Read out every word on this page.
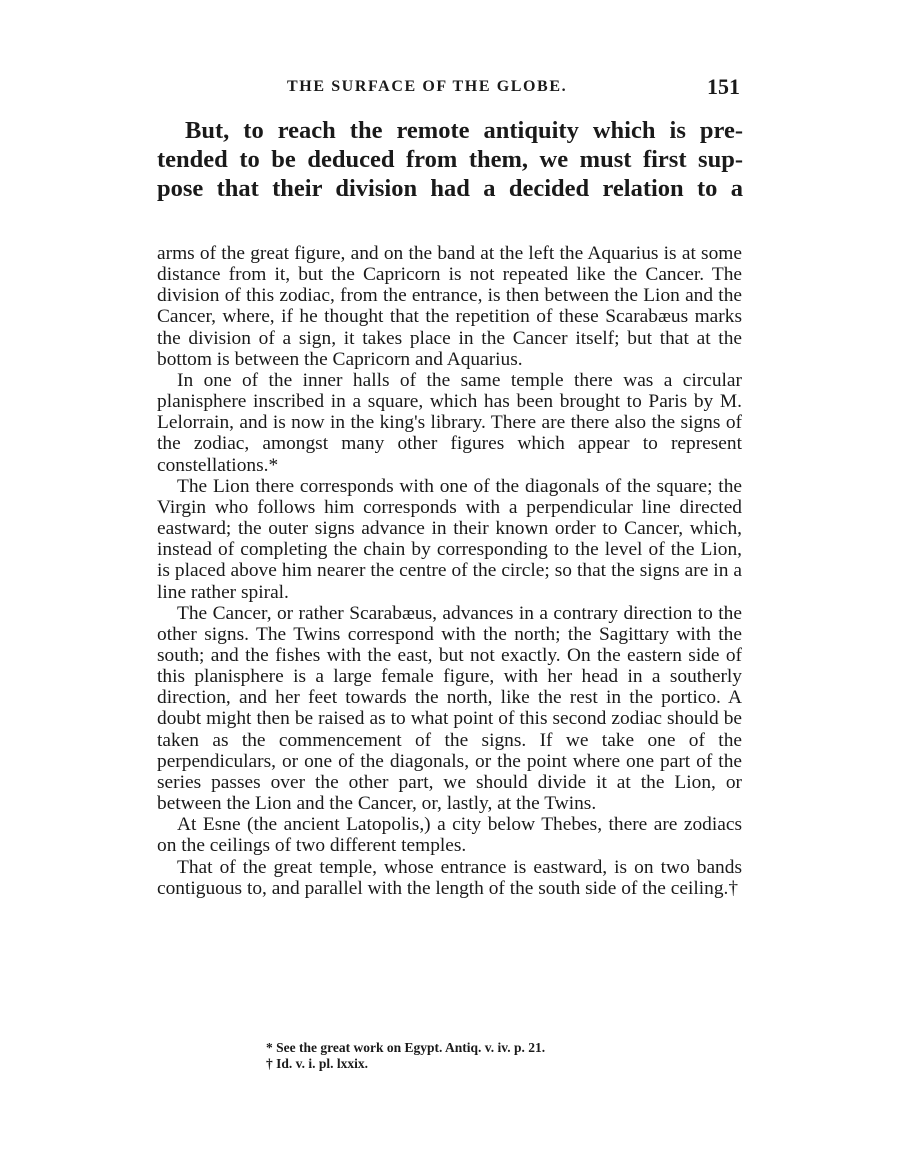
THE SURFACE OF THE GLOBE.	151
But, to reach the remote antiquity which is pre-
tended to be deduced from them, we must first sup-
pose that their division had a decided relation to a

arms of the great figure, and on the band at the left the Aquarius is at some distance from it, but the Capricorn is not repeated like the Cancer. The division of this zodiac, from the entrance, is then between the Lion and the Cancer, where, if he thought that the repetition of these Scarabæus marks the division of a sign, it takes place in the Cancer itself; but that at the bottom is between the Capricorn and Aquarius.

In one of the inner halls of the same temple there was a circular planisphere inscribed in a square, which has been brought to Paris by M. Lelorrain, and is now in the king's library. There are there also the signs of the zodiac, amongst many other figures which appear to represent constellations.*

The Lion there corresponds with one of the diagonals of the square; the Virgin who follows him corresponds with a perpendicular line directed eastward; the outer signs advance in their known order to Cancer, which, instead of completing the chain by corresponding to the level of the Lion, is placed above him nearer the centre of the circle; so that the signs are in a line rather spiral.

The Cancer, or rather Scarabæus, advances in a contrary direction to the other signs. The Twins correspond with the north; the Sagittary with the south; and the fishes with the east, but not exactly. On the eastern side of this planisphere is a large female figure, with her head in a southerly direction, and her feet towards the north, like the rest in the portico. A doubt might then be raised as to what point of this second zodiac should be taken as the commencement of the signs. If we take one of the perpendiculars, or one of the diagonals, or the point where one part of the series passes over the other part, we should divide it at the Lion, or between the Lion and the Cancer, or, lastly, at the Twins.

At Esne (the ancient Latopolis,) a city below Thebes, there are zodiacs on the ceilings of two different temples.

That of the great temple, whose entrance is eastward, is on two bands contiguous to, and parallel with the length of the south side of the ceiling.†

* See the great work on Egypt. Antiq. v. iv. p. 21.
† Id. v. i. pl. lxxix.
